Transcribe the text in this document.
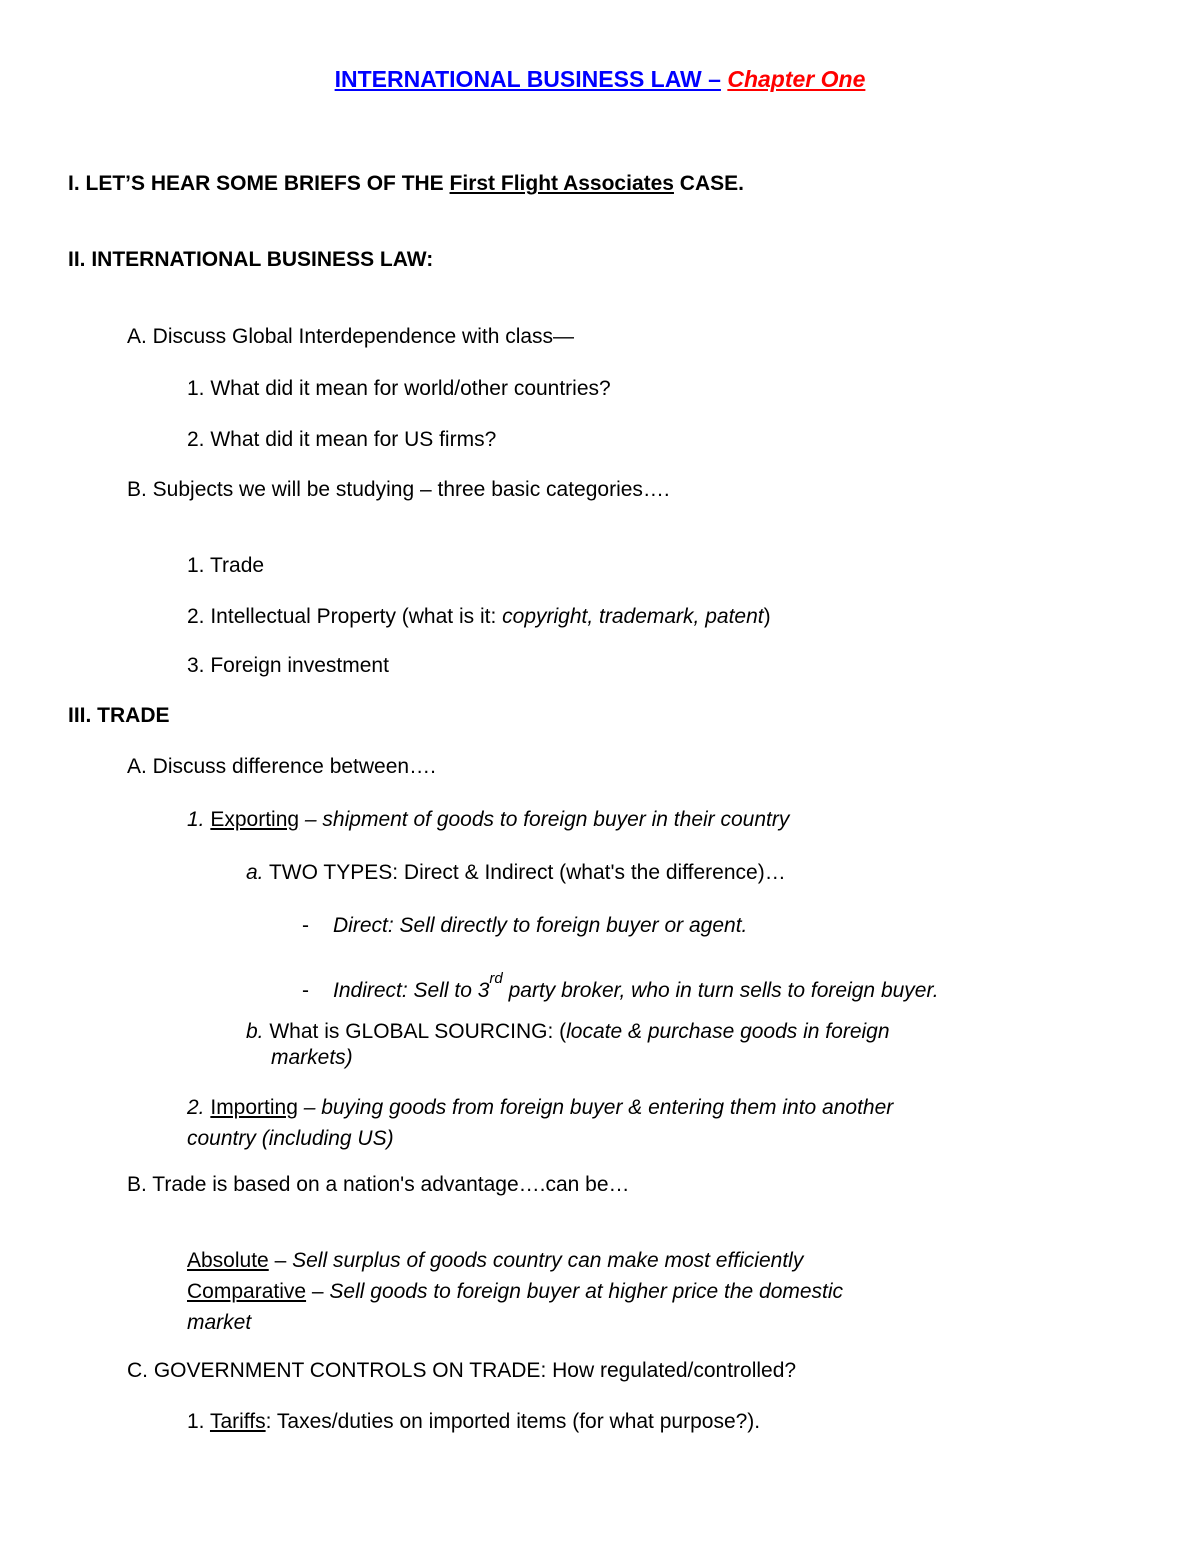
INTERNATIONAL BUSINESS LAW – Chapter One
I. LET’S HEAR SOME BRIEFS OF THE First Flight Associates CASE.
II. INTERNATIONAL BUSINESS LAW:
A. Discuss Global Interdependence with class—
1. What did it mean for world/other countries?
2. What did it mean for US firms?
B. Subjects we will be studying – three basic categories….
1. Trade
2. Intellectual Property (what is it: copyright, trademark, patent)
3. Foreign investment
III. TRADE
A. Discuss difference between….
1. Exporting – shipment of goods to foreign buyer in their country
a. TWO TYPES: Direct & Indirect (what's the difference)…
- Direct: Sell directly to foreign buyer or agent.
- Indirect: Sell to 3rd party broker, who in turn sells to foreign buyer.
b. What is GLOBAL SOURCING: (locate & purchase goods in foreign
markets)
2. Importing – buying goods from foreign buyer & entering them into another
country (including US)
B. Trade is based on a nation's advantage….can be…
Absolute – Sell surplus of goods country can make most efficiently
Comparative – Sell goods to foreign buyer at higher price the domestic
market
C. GOVERNMENT CONTROLS ON TRADE: How regulated/controlled?
1. Tariffs: Taxes/duties on imported items (for what purpose?).
